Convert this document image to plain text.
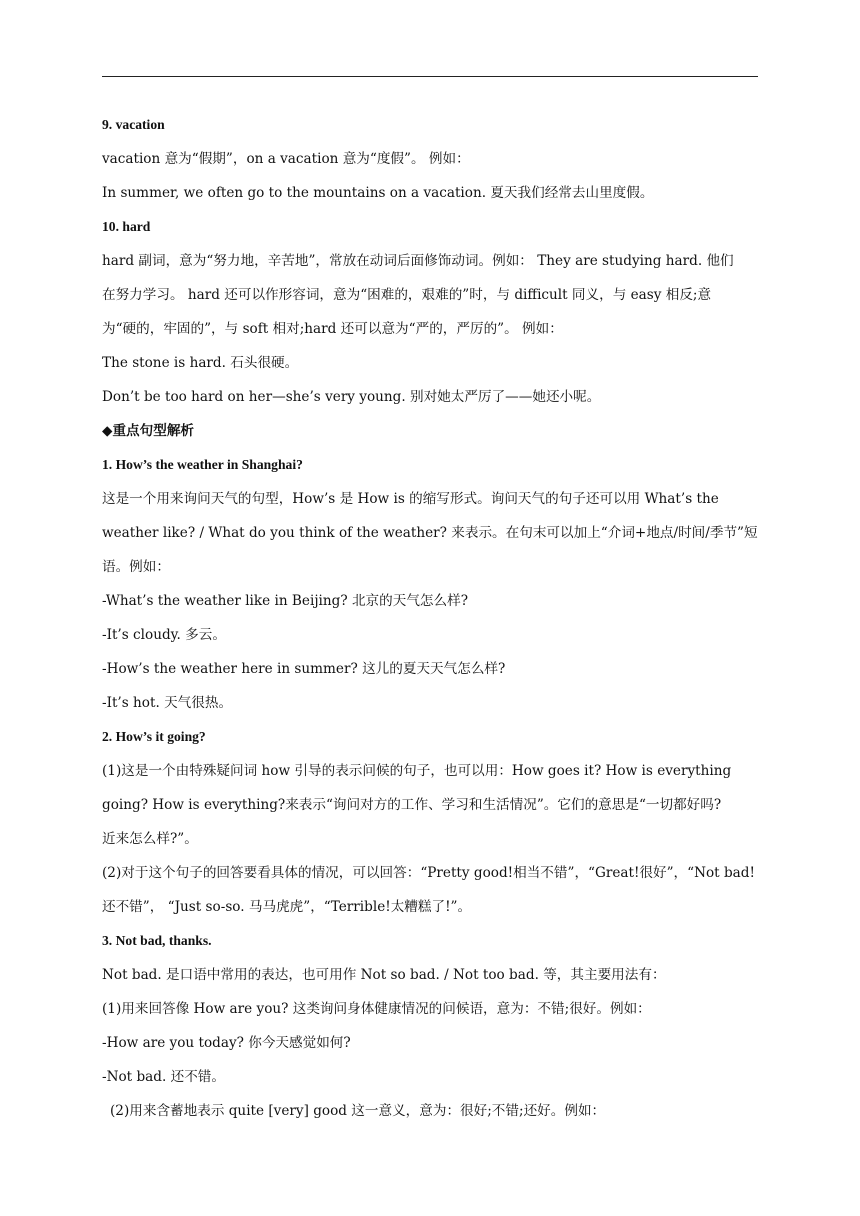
9. vacation

vacation 意为“假期”，on a vacation 意为“度假”。 例如：

In summer, we often go to the mountains on a vacation. 夏天我们经常去山里度假。

10. hard

hard 副词，意为“努力地，辛苦地”，常放在动词后面修饰动词。例如： They are studying hard. 他们

在努力学习。 hard 还可以作形容词，意为“困难的，艰难的”时，与 difficult 同义，与 easy 相反;意

为“硬的，牢固的”，与 soft 相对;hard 还可以意为“严的，严厉的”。 例如：

The stone is hard. 石头很硬。

Don’t be too hard on her—she’s very young. 别对她太严厉了——她还小呢。

◆重点句型解析

1. How’s the weather in Shanghai?

这是一个用来询问天气的句型，How’s 是 How is 的缩写形式。询问天气的句子还可以用 What’s the

weather like? / What do you think of the weather? 来表示。在句末可以加上“介词+地点/时间/季节”短

语。例如：

-What’s the weather like in Beijing? 北京的天气怎么样?

-It’s cloudy. 多云。

-How’s the weather here in summer? 这儿的夏天天气怎么样?

-It’s hot. 天气很热。

2. How’s it going?

(1)这是一个由特殊疑问词 how 引导的表示问候的句子，也可以用：How goes it? How is everything

going? How is everything?来表示“询问对方的工作、学习和生活情况”。它们的意思是“一切都好吗?

近来怎么样?”。

(2)对于这个句子的回答要看具体的情况，可以回答：“Pretty good!相当不错”，“Great!很好”，“Not bad!

还不错”， “Just so-so. 马马虎虎”，“Terrible!太糟糕了!”。

3. Not bad, thanks.

Not bad. 是口语中常用的表达，也可用作 Not so bad. / Not too bad. 等，其主要用法有：

(1)用来回答像 How are you? 这类询问身体健康情况的问候语，意为：不错;很好。例如：

-How are you today? 你今天感觉如何?

-Not bad. 还不错。

(2)用来含蓄地表示 quite [very] good 这一意义，意为：很好;不错;还好。例如：
